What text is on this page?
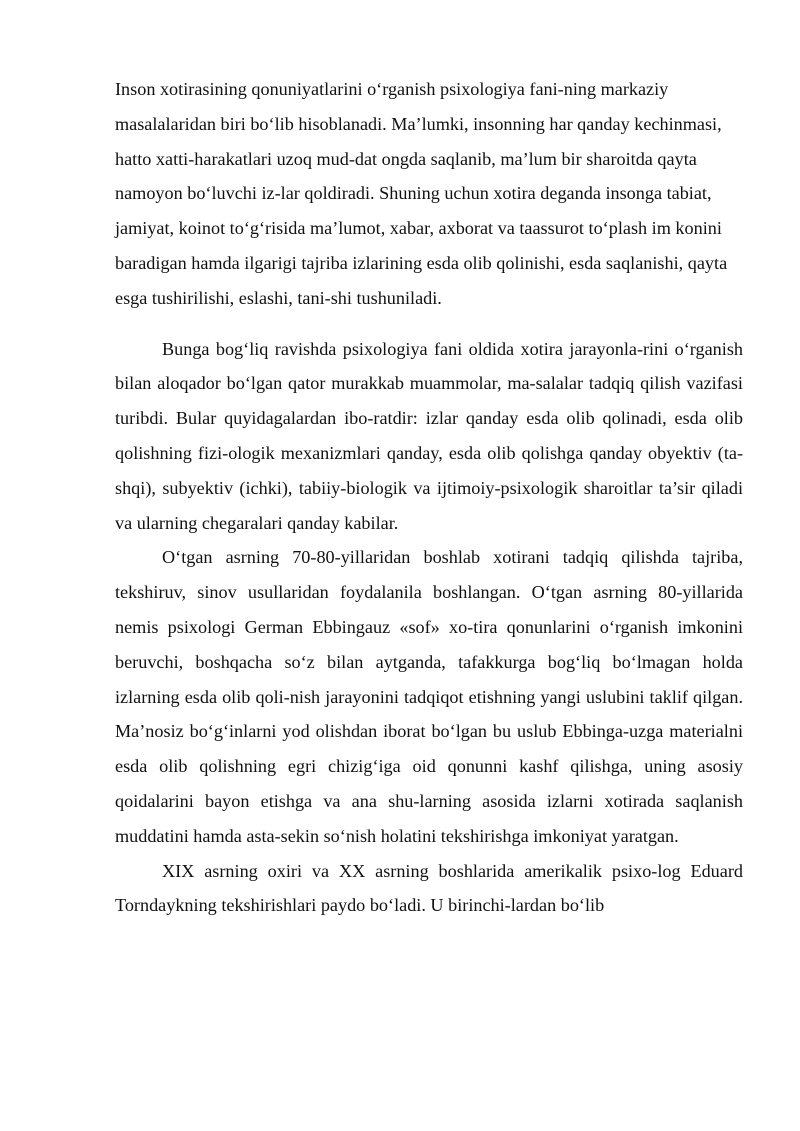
Inson xotirasining qonuniyatlarini o‘rganish psixologiya fani-ning markaziy masalalaridan biri bo‘lib hisoblanadi. Ma’lumki, insonning har qanday kechinmasi, hatto xatti-harakatlari uzoq mud-dat ongda saqlanib, ma’lum bir sharoitda qayta namoyon bo‘luvchi iz-lar qoldiradi. Shuning uchun xotira deganda insonga tabiat, jamiyat, koinot to‘g‘risida ma’lumot, xabar, axborat va taassurot to‘plash im konini baradigan hamda ilgarigi tajriba izlarining esda olib qolinishi, esda saqlanishi, qayta esga tushirilishi, eslashi, tani-shi tushuniladi.

Bunga bog‘liq ravishda psixologiya fani oldida xotira jarayonla-rini o‘rganish bilan aloqador bo‘lgan qator murakkab muammolar, ma-salalar tadqiq qilish vazifasi turibdi. Bular quyidagalardan ibo-ratdir: izlar qanday esda olib qolinadi, esda olib qolishning fizi-ologik mexanizmlari qanday, esda olib qolishga qanday obyektiv (ta-shqi), subyektiv (ichki), tabiiy-biologik va ijtimoiy-psixologik sharoitlar ta’sir qiladi va ularning chegaralari qanday kabilar.

O‘tgan asrning 70-80-yillaridan boshlab xotirani tadqiq qilishda tajriba, tekshiruv, sinov usullaridan foydalanila boshlangan. O‘tgan asrning 80-yillarida nemis psixologi German Ebbingauz «sof» xo-tira qonunlarini o‘rganish imkonini beruvchi, boshqacha so‘z bilan aytganda, tafakkurga bog‘liq bo‘lmagan holda izlarning esda olib qoli-nish jarayonini tadqiqot etishning yangi uslubini taklif qilgan. Ma’nosiz bo‘g‘inlarni yod olishdan iborat bo‘lgan bu uslub Ebbinga-uzga materialni esda olib qolishning egri chizig‘iga oid qonunni kashf qilishga, uning asosiy qoidalarini bayon etishga va ana shu-larning asosida izlarni xotirada saqlanish muddatini hamda asta-sekin so‘nish holatini tekshirishga imkoniyat yaratgan.

XIX asrning oxiri va XX asrning boshlarida amerikalik psixo-log Eduard Torndaykning tekshirishlari paydo bo‘ladi. U birinchi-lardan bo‘lib
